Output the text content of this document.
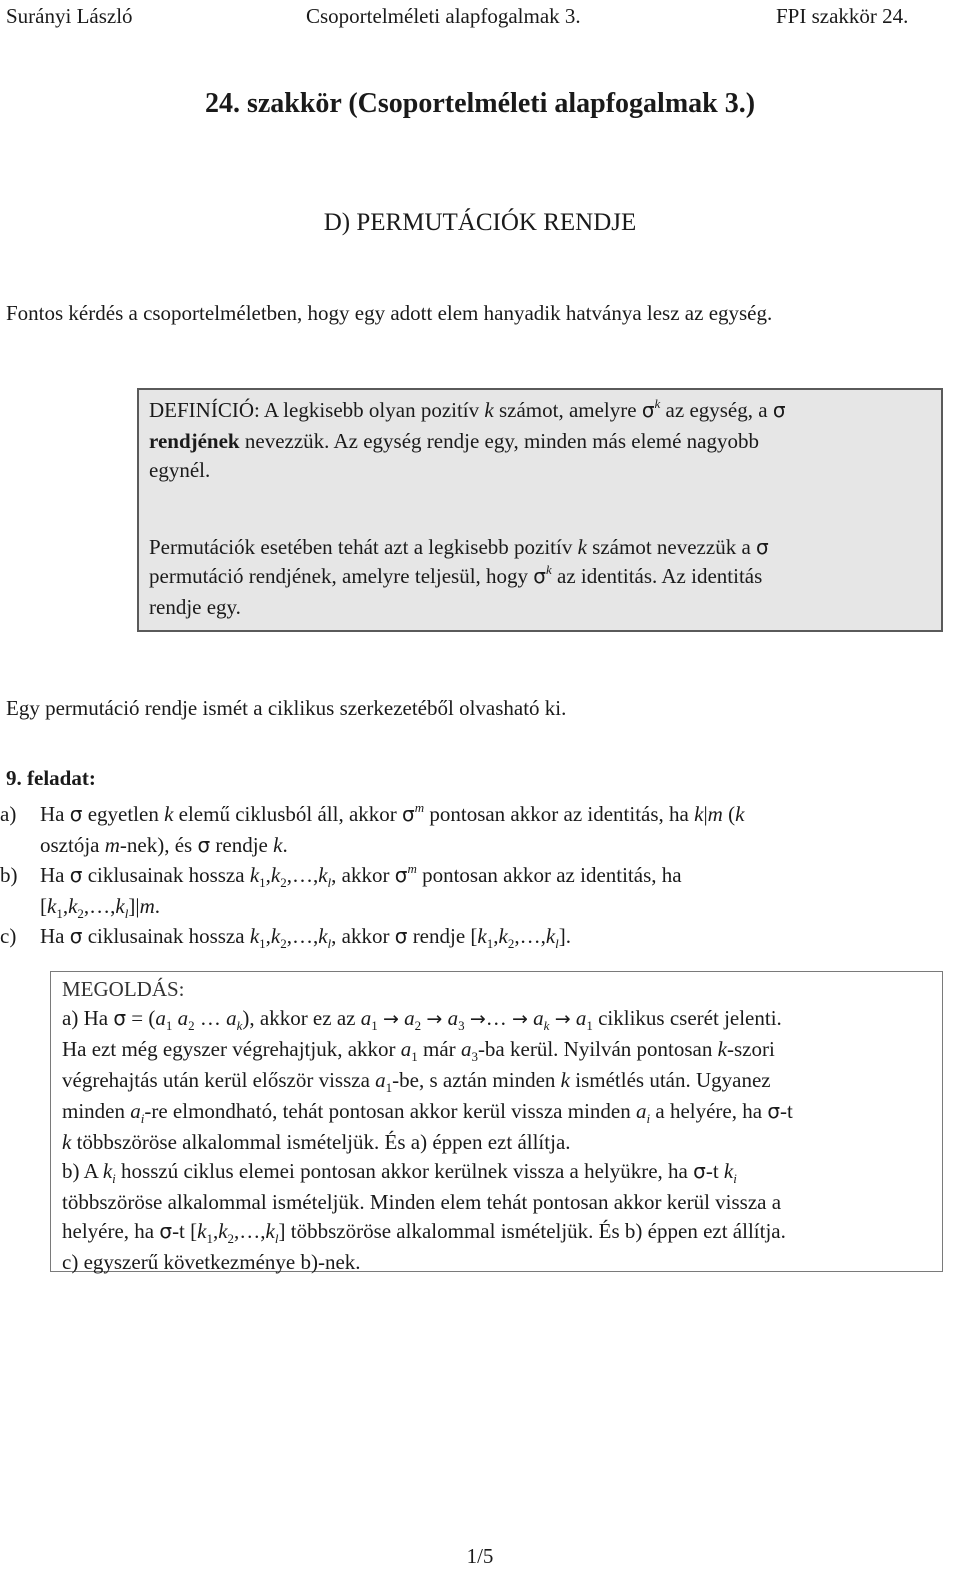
Surányi László	Csoportelméleti alapfogalmak 3.	FPI szakkör 24.
24. szakkör (Csoportelméleti alapfogalmak 3.)
D) PERMUTÁCIÓK RENDJE
Fontos kérdés a csoportelméletben, hogy egy adott elem hanyadik hatványa lesz az egység.
DEFINÍCIÓ: A legkisebb olyan pozitív k számot, amelyre $\sigma^k$ az egység, a σ
rendjének nevezzük. Az egység rendje egy, minden más elemé nagyobb
egynél.
Permutációk esetében tehát azt a legkisebb pozitív k számot nevezzük a σ
permutáció rendjének, amelyre teljesül, hogy $\sigma^k$ az identitás. Az identitás
rendje egy.
Egy permutáció rendje ismét a ciklikus szerkezetéből olvasható ki.
9. feladat:
a) Ha σ egyetlen k elemű ciklusból áll, akkor $\sigma^m$ pontosan akkor az identitás, ha k|m (k
osztója m-nek), és σ rendje k.
b) Ha σ ciklusainak hossza $k_1,k_2,\dots,k_l$, akkor $\sigma^m$ pontosan akkor az identitás, ha
$[k_1,k_2,\dots,k_l]|m$.
c) Ha σ ciklusainak hossza $k_1,k_2,\dots,k_l$, akkor σ rendje $[k_1,k_2,\dots,k_l]$.
MEGOLDÁS:
a) Ha $\sigma = (a_1$ $a_2$ … $a_k$), akkor ez az $a_1 \to a_2 \to a_3$ →… → $a_k \to a_1$ ciklikus cserét jelenti.
Ha ezt még egyszer végrehajtjuk, akkor $a_1$ már $a_3-ba$ kerül. Nyilván pontosan k-szori
végrehajtás után kerül először vissza $a_1-be$, s aztán minden k ismétlés után. Ugyanez
minden $a_i-re$ elmondható, tehát pontosan akkor kerül vissza minden $a_i$ a helyére, ha σ-t
k többszöröse alkalommal ismételjük. És a) éppen ezt állítja.
b) A $k_i$ hosszú ciklus elemei pontosan akkor kerülnek vissza a helyükre, ha σ-t $k_i$
többszöröse alkalommal ismételjük. Minden elem tehát pontosan akkor kerül vissza a
helyére, ha σ-t $[k_1,k_2,\dots,k_l]$ többszöröse alkalommal ismételjük. És b) éppen ezt állítja.
c) egyszerű következménye b)-nek.
1/5
